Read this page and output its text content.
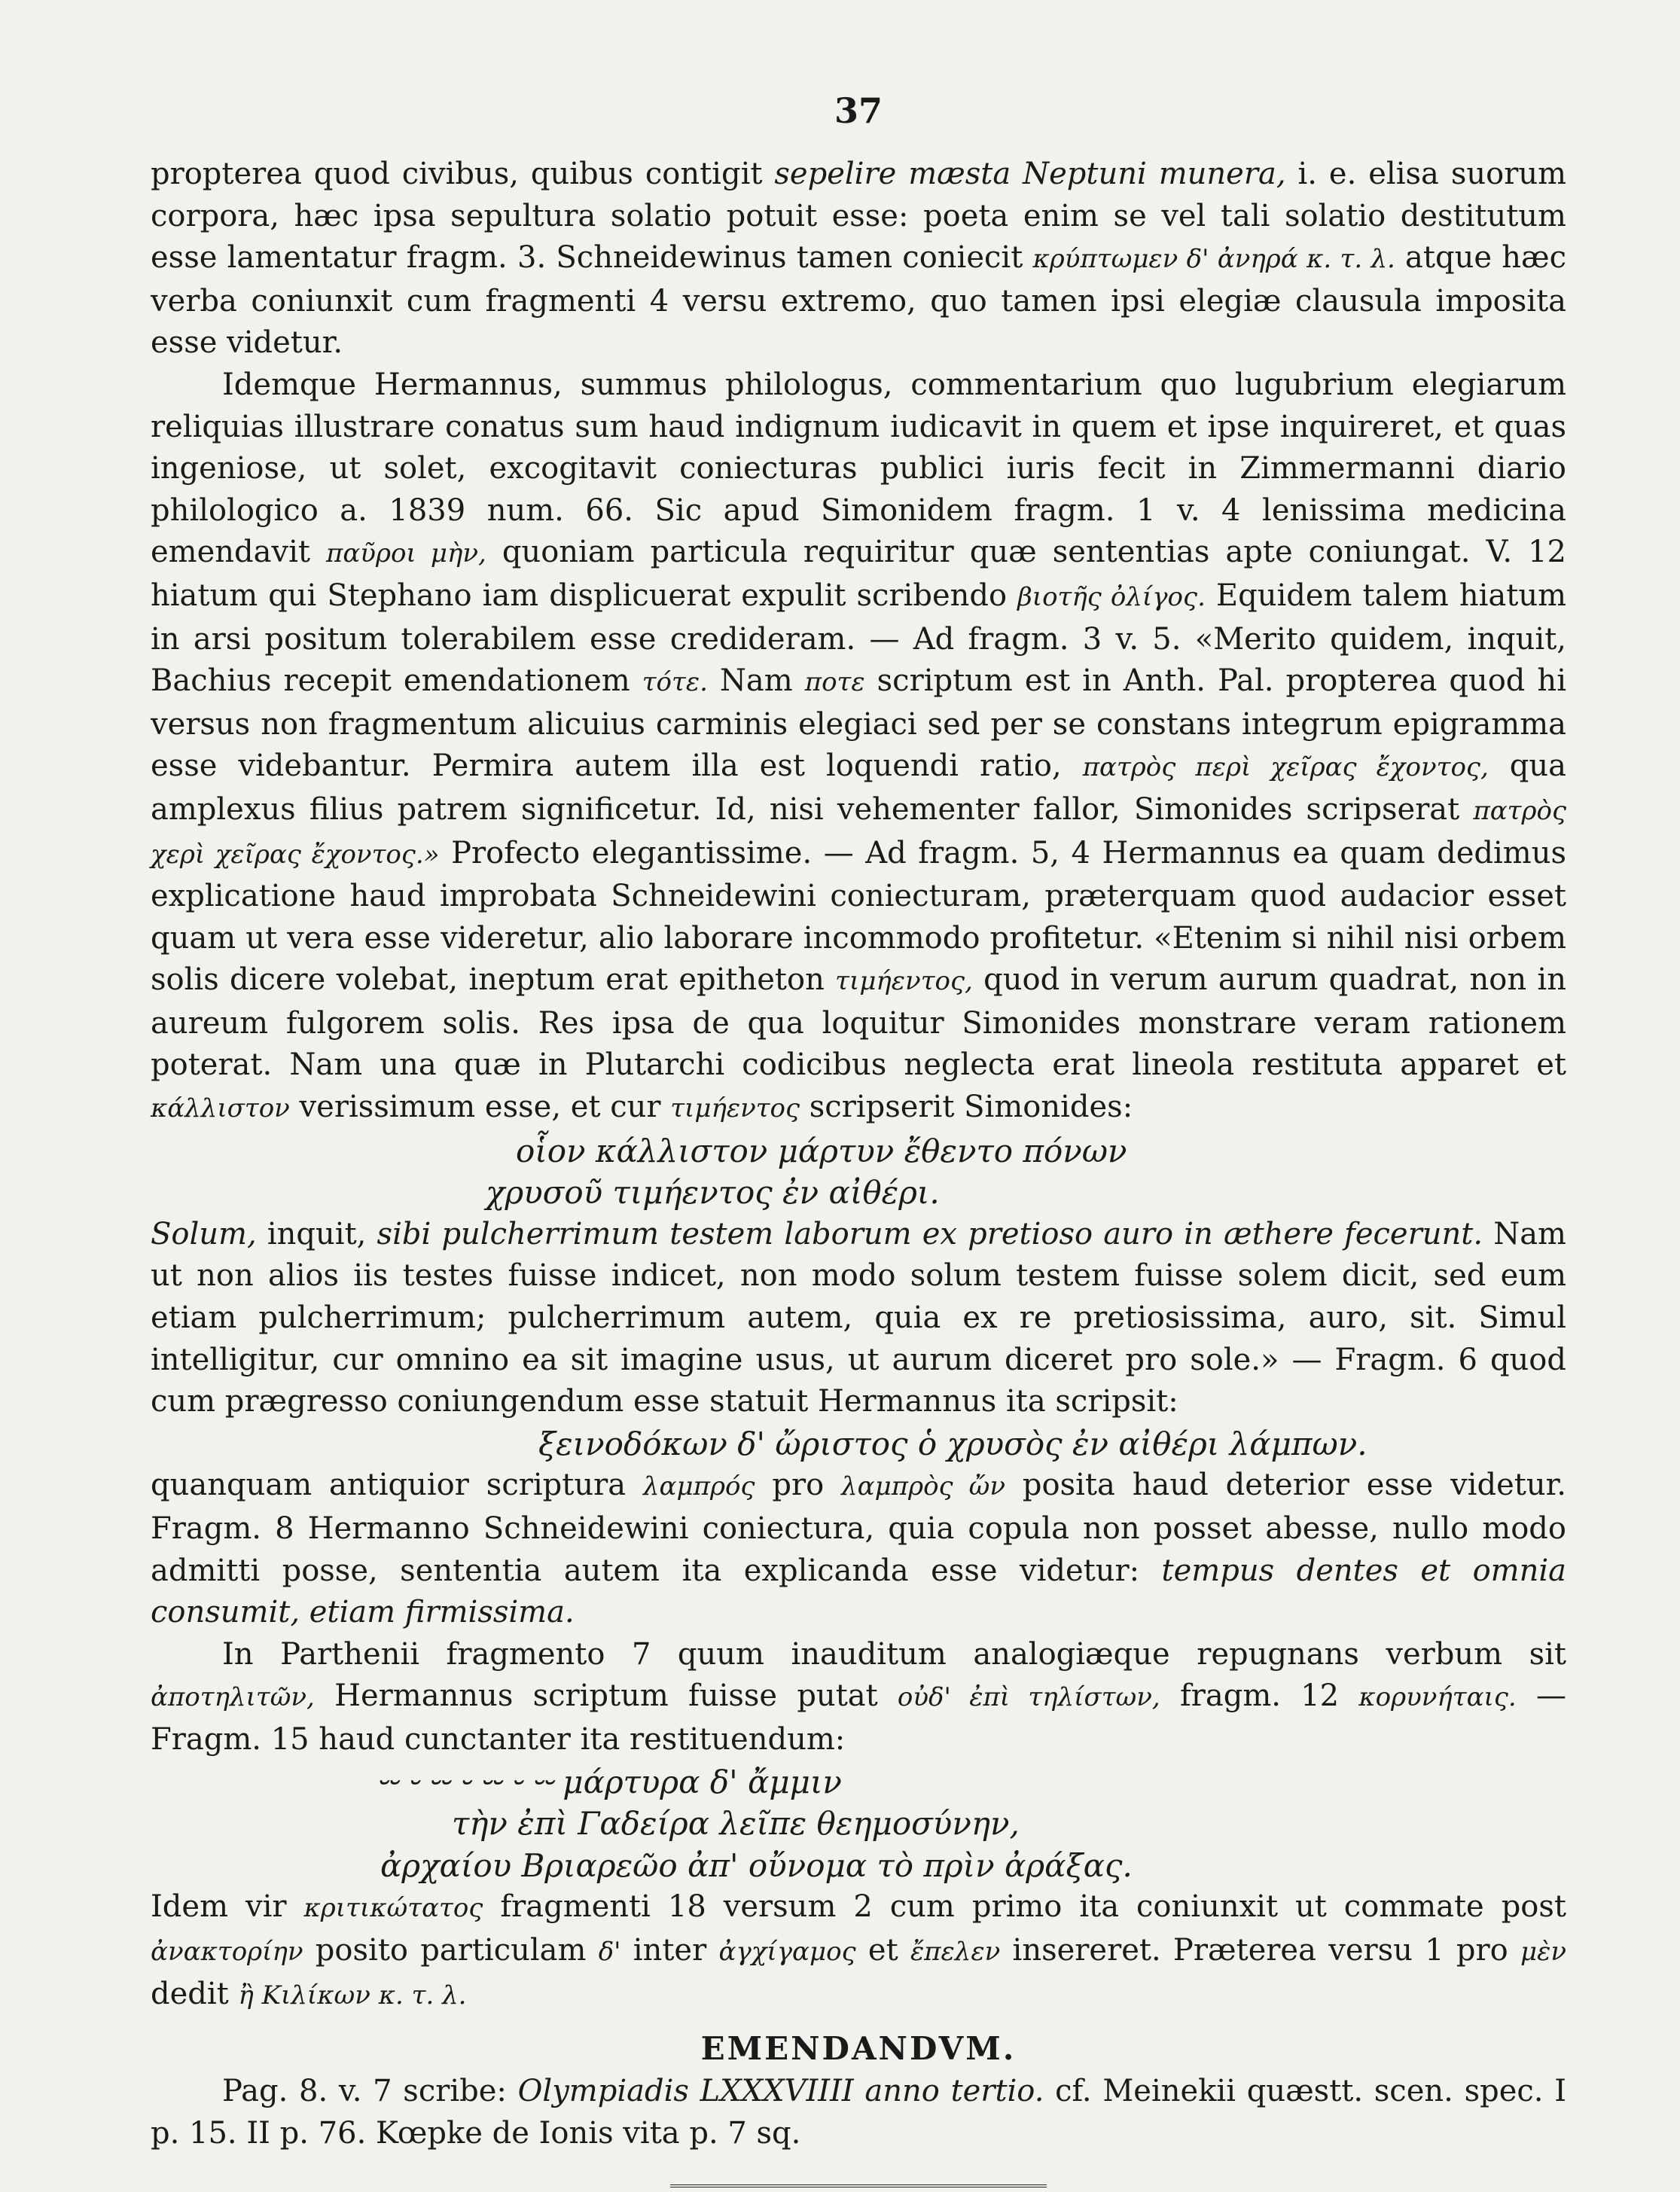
37

propterea quod civibus, quibus contigit sepelire mæsta Neptuni munera, i. e. elisa suorum corpora, hæc ipsa sepultura solatio potuit esse: poeta enim se vel tali solatio destitutum esse lamentatur fragm. 3. Schneidewinus tamen coniecit κρύπτωμεν δ' ἀνηρά κ. τ. λ. atque hæc verba coniunxit cum fragmenti 4 versu extremo, quo tamen ipsi elegiæ clausula imposita esse videtur.

Idemque Hermannus, summus philologus, commentarium quo lugubrium elegiarum reliquias illustrare conatus sum haud indignum iudicavit in quem et ipse inquireret, et quas ingeniose, ut solet, excogitavit coniecturas publici iuris fecit in Zimmermanni diario philologico a. 1839 num. 66. Sic apud Simonidem fragm. 1 v. 4 lenissima medicina emendavit παῦροι μὴν, quoniam particula requiritur quæ sententias apte coniungat. V. 12 hiatum qui Stephano iam displicuerat expulit scribendo βιοτῆς ὀλίγος. Equidem talem hiatum in arsi positum tolerabilem esse credideram. — Ad fragm. 3 v. 5. «Merito quidem, inquit, Bachius recepit emendationem τότε. Nam ποτε scriptum est in Anth. Pal. propterea quod hi versus non fragmentum alicuius carminis elegiaci sed per se constans integrum epigramma esse videbantur. Permira autem illa est loquendi ratio, πατρὸς περὶ χεῖρας ἔχοντος, qua amplexus filius patrem significetur. Id, nisi vehementer fallor, Simonides scripserat πατρὸς χερὶ χεῖρας ἔχοντος.» Profecto elegantissime. — Ad fragm. 5, 4 Hermannus ea quam dedimus explicatione haud improbata Schneidewini coniecturam, præterquam quod audacior esset quam ut vera esse videretur, alio laborare incommodo profitetur. «Etenim si nihil nisi orbem solis dicere volebat, ineptum erat epitheton τιμήεντος, quod in verum aurum quadrat, non in aureum fulgorem solis. Res ipsa de qua loquitur Simonides monstrare veram rationem poterat. Nam una quæ in Plutarchi codicibus neglecta erat lineola restituta apparet et κάλλιστον verissimum esse, et cur τιμήεντος scripserit Simonides:

οἷον κάλλιστον μάρτυν ἔθεντο πόνων

χρυσοῦ τιμήεντος ἐν αἰθέρι.

Solum, inquit, sibi pulcherrimum testem laborum ex pretioso auro in æthere fecerunt. Nam ut non alios iis testes fuisse indicet, non modo solum testem fuisse solem dicit, sed eum etiam pulcherrimum; pulcherrimum autem, quia ex re pretiosissima, auro, sit. Simul intelligitur, cur omnino ea sit imagine usus, ut aurum diceret pro sole.» — Fragm. 6 quod cum prægresso coniungendum esse statuit Hermannus ita scripsit:

ξεινοδόκων δ' ὤριστος ὁ χρυσὸς ἐν αἰθέρι λάμπων.

quanquam antiquior scriptura λαμπρός pro λαμπρὸς ὤν posita haud deterior esse videtur. Fragm. 8 Hermanno Schneidewini coniectura, quia copula non posset abesse, nullo modo admitti posse, sententia autem ita explicanda esse videtur: tempus dentes et omnia consumit, etiam firmissima.

In Parthenii fragmento 7 quum inauditum analogiæque repugnans verbum sit ἀποτηλιτῶν, Hermannus scriptum fuisse putat οὐδ' ἐπὶ τηλίστων, fragm. 12 κορυνήταις. — Fragm. 15 haud cunctanter ita restituendum:

⏑⏑ ⏑ ⏑⏑ ⏑ ⏑⏑ ⏑ ⏑⏑ μάρτυρα δ' ἄμμιν

τὴν ἐπὶ Γαδείρα λεῖπε θεημοσύνην,

ἀρχαίου Βριαρεῶο ἀπ' οὔνομα τὸ πρὶν ἀράξας.

Idem vir κριτικώτατος fragmenti 18 versum 2 cum primo ita coniunxit ut commate post ἀνακτορίην posito particulam δ' inter ἀγχίγαμος et ἔπελεν insereret. Præterea versu 1 pro μὲν dedit ἢ Κιλίκων κ. τ. λ.

EMENDANDVM.

Pag. 8. v. 7 scribe: Olympiadis LXXXVIIII anno tertio. cf. Meinekii quæstt. scen. spec. I p. 15. II p. 76. Kœpke de Ionis vita p. 7 sq.
